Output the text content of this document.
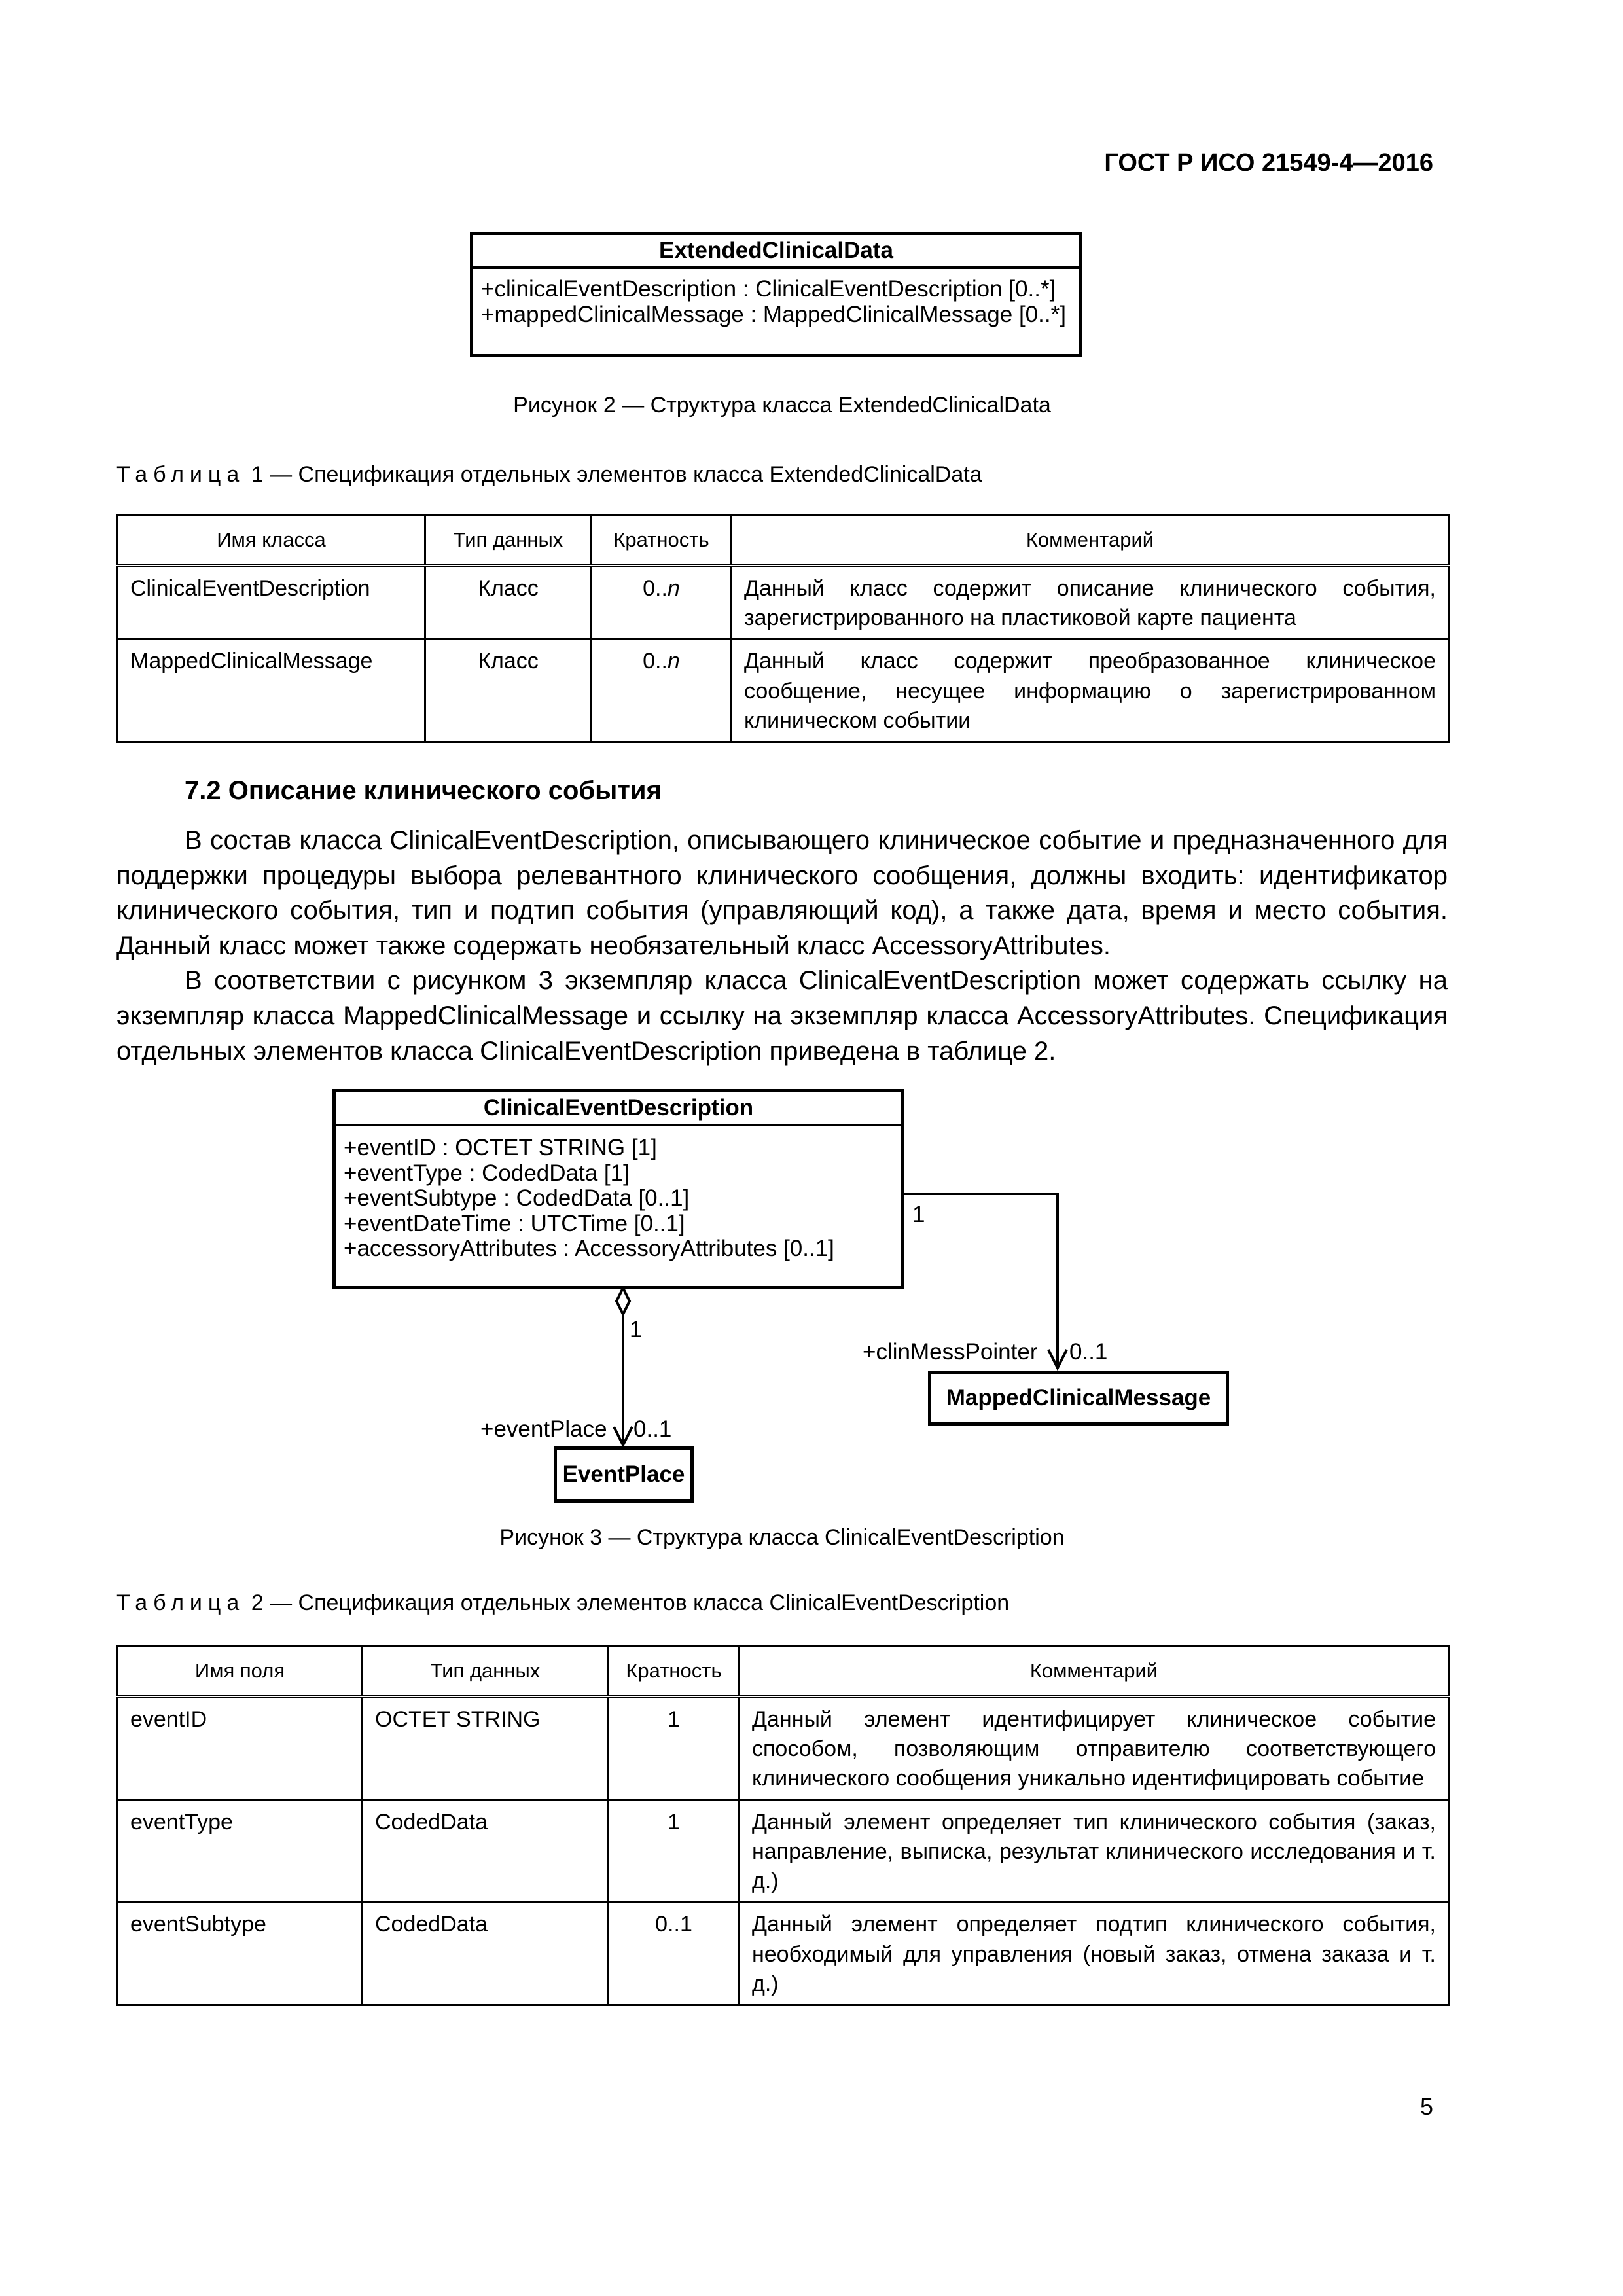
ГОСТ Р ИСО 21549-4—2016
ExtendedClinicalData
+clinicalEventDescription : ClinicalEventDescription [0..*]
+mappedClinicalMessage : MappedClinicalMessage [0..*]
Рисунок 2 — Структура класса ExtendedClinicalData
Таблица 1 — Спецификация отдельных элементов класса ExtendedClinicalData
Имя класса	Тип данных	Кратность	Комментарий
ClinicalEventDescription	Класс	0..n	Данный класс содержит описание клинического события, зарегистрированного на пластиковой карте пациента
MappedClinicalMessage	Класс	0..n	Данный класс содержит преобразованное клиническое сообщение, несущее информацию о зарегистрированном клиническом событии
7.2 Описание клинического события

В состав класса ClinicalEventDescription, описывающего клиническое событие и предназначенного для поддержки процедуры выбора релевантного клинического сообщения, должны входить: идентификатор клинического события, тип и подтип события (управляющий код), а также дата, время и место события. Данный класс может также содержать необязательный класс AccessoryAttributes.

В соответствии с рисунком 3 экземпляр класса ClinicalEventDescription может содержать ссылку на экземпляр класса MappedClinicalMessage и ссылку на экземпляр класса AccessoryAttributes. Спецификация отдельных элементов класса ClinicalEventDescription приведена в таблице 2.

ClinicalEventDescription
+eventID : OCTET STRING [1]
+eventType : CodedData [1]
+eventSubtype : CodedData [0..1]
+eventDateTime : UTCTime [0..1]
+accessoryAttributes : AccessoryAttributes [0..1]
MappedClinicalMessage
EventPlace
1
1
+clinMessPointer 0..1
+eventPlace 0..1
Рисунок 3 — Структура класса ClinicalEventDescription
Таблица 2 — Спецификация отдельных элементов класса ClinicalEventDescription
Имя поля	Тип данных	Кратность	Комментарий
eventID	OCTET STRING	1	Данный элемент идентифицирует клиническое событие способом, позволяющим отправителю соответствующего клинического сообщения уникально идентифицировать событие
eventType	CodedData	1	Данный элемент определяет тип клинического события (заказ, направление, выписка, результат клинического исследования и т. д.)
eventSubtype	CodedData	0..1	Данный элемент определяет подтип клинического события, необходимый для управления (новый заказ, отмена заказа и т. д.)
5
